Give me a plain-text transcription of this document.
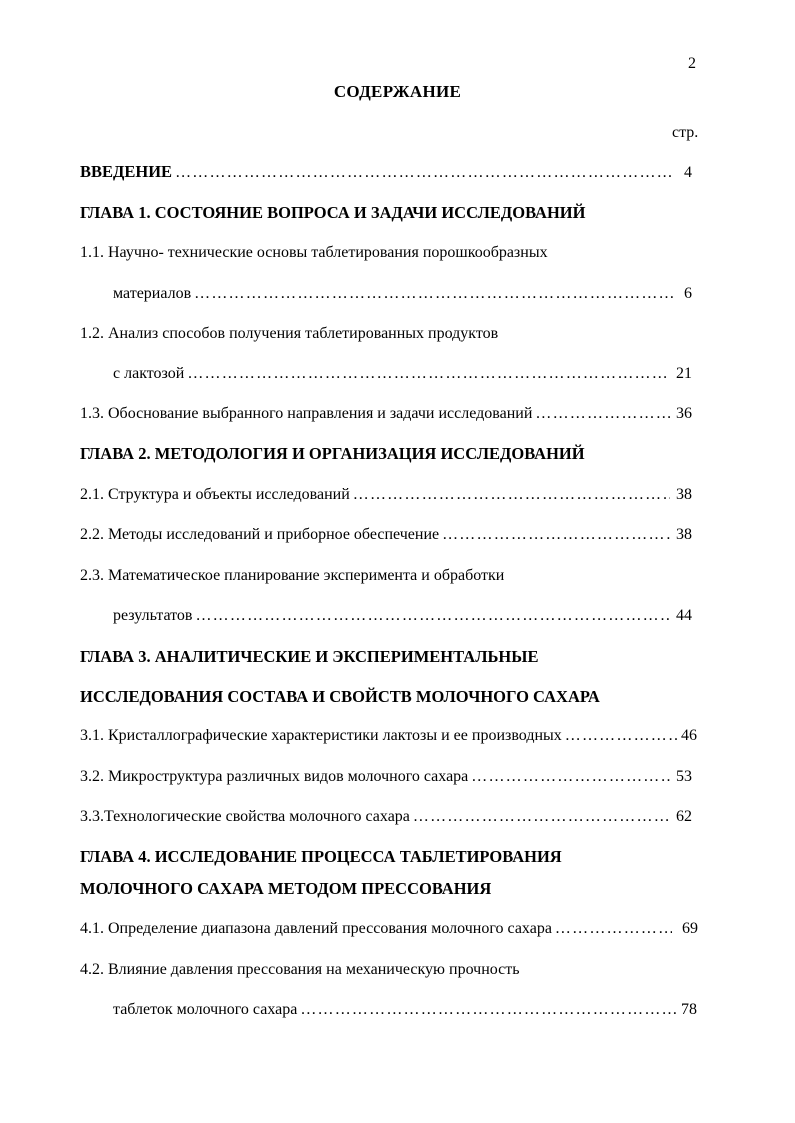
2
СОДЕРЖАНИЕ
стр.
ВВЕДЕНИЕ …………………………………………………………………………………………………………………………………………………………	4
ГЛАВА 1. СОСТОЯНИЕ ВОПРОСА И ЗАДАЧИ ИССЛЕДОВАНИЙ
1.1. Научно- технические основы таблетирования порошкообразных
материалов …………………………………………………………………………………………………………………………………………………………	6
1.2. Анализ способов получения таблетированных продуктов
с лактозой …………………………………………………………………………………………………………………………………………………………	21
1.3. Обоснование выбранного направления и задачи исследований …………………………………………………………………………………………………………………………………………………………	36
ГЛАВА 2. МЕТОДОЛОГИЯ И ОРГАНИЗАЦИЯ ИССЛЕДОВАНИЙ
2.1. Структура и объекты исследований …………………………………………………………………………………………………………………………………………………………	38
2.2. Методы исследований и приборное обеспечение …………………………………………………………………………………………………………………………………………………………	38
2.3. Математическое планирование эксперимента и обработки
результатов …………………………………………………………………………………………………………………………………………………………	44
ГЛАВА 3. АНАЛИТИЧЕСКИЕ И ЭКСПЕРИМЕНТАЛЬНЫЕ
ИССЛЕДОВАНИЯ СОСТАВА И СВОЙСТВ МОЛОЧНОГО САХАРА
3.1. Кристаллографические характеристики лактозы и ее производных …………………………………………………………………………………………………………………………………………………………	46
3.2. Микроструктура различных видов молочного сахара …………………………………………………………………………………………………………………………………………………………	53
3.3.Технологические свойства молочного сахара …………………………………………………………………………………………………………………………………………………………	62
ГЛАВА 4. ИССЛЕДОВАНИЕ ПРОЦЕССА ТАБЛЕТИРОВАНИЯ
МОЛОЧНОГО САХАРА МЕТОДОМ ПРЕССОВАНИЯ
4.1. Определение диапазона давлений прессования молочного сахара …………………………………………………………………………………………………………………………………………………………	69
4.2. Влияние давления прессования на механическую прочность
таблеток молочного сахара …………………………………………………………………………………………………………………………………………………………	78
